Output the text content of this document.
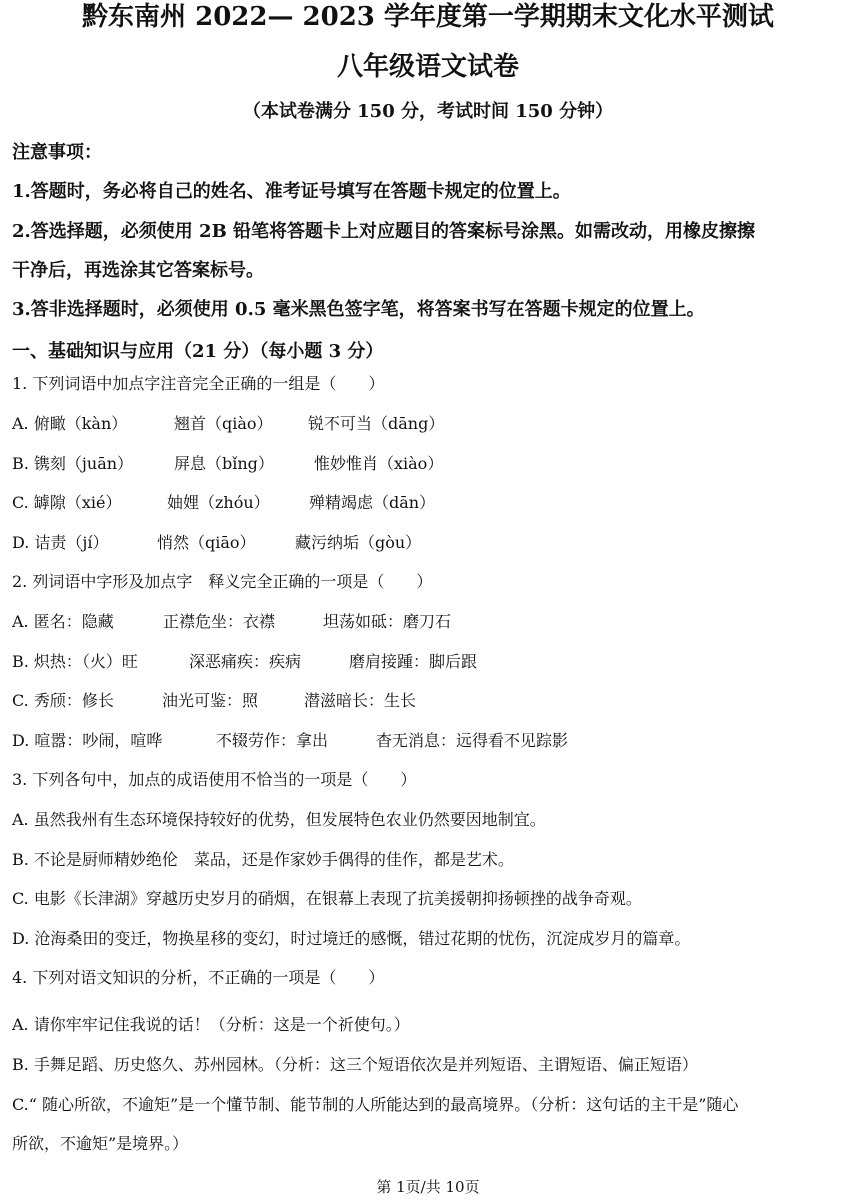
黔东南州 2022— 2023 学年度第一学期期末文化水平测试
八年级语文试卷
（本试卷满分 150 分，考试时间 150 分钟）
注意事项：
1.答题时，务必将自己的姓名、准考证号填写在答题卡规定的位置上。
2.答选择题，必须使用 2B 铅笔将答题卡上对应题目的答案标号涂黑。如需改动，用橡皮擦擦
干净后，再选涂其它答案标号。
3.答非选择题时，必须使用 0.5 毫米黑色签字笔，将答案书写在答题卡规定的位置上。
一、基础知识与应用（21 分）（每小题 3 分）
1. 下列词语中加点字注音完全正确的一组是（　　）
A. 俯瞰（kàn）	翘首（qiào） 锐不可当（dāng）
B. 镌刻（juān）	屏息（bǐng）	惟妙惟肖（xiào）
C. 罅隙（xié）	妯娌（zhóu） 殚精竭虑（dān）
D. 诘责（jí）	悄然（qiāo） 藏污纳垢（gòu）
2. 列词语中字形及加点字　释义完全正确的一项是（　　）
A. 匿名：隐藏	正襟危坐：衣襟	坦荡如砥：磨刀石
B. 炽热：（火）旺	深恶痛疾：疾病	磨肩接踵：脚后跟
C. 秀颀：修长	油光可鉴：照	潜滋暗长：生长
D. 喧嚣：吵闹，喧哗	不辍劳作：拿出	杳无消息：远得看不见踪影
3. 下列各句中，加点的成语使用不恰当的一项是（　　）
A. 虽然我州有生态环境保持较好的优势，但发展特色农业仍然要因地制宜。
B. 不论是厨师精妙绝伦　菜品，还是作家妙手偶得的佳作，都是艺术。
C. 电影《长津湖》穿越历史岁月的硝烟，在银幕上表现了抗美援朝抑扬顿挫的战争奇观。
D. 沧海桑田的变迁，物换星移的变幻，时过境迁的感慨，错过花期的忧伤，沉淀成岁月的篇章。
4. 下列对语文知识的分析，不正确的一项是（　　）
A. 请你牢牢记住我说的话！（分析：这是一个祈使句。）
B. 手舞足蹈、历史悠久、苏州园林。（分析：这三个短语依次是并列短语、主谓短语、偏正短语）
C.“ 随心所欲，不逾矩”是一个懂节制、能节制的人所能达到的最高境界。（分析：这句话的主干是”随心
所欲，不逾矩”是境界。）
第 1页/共 10页
